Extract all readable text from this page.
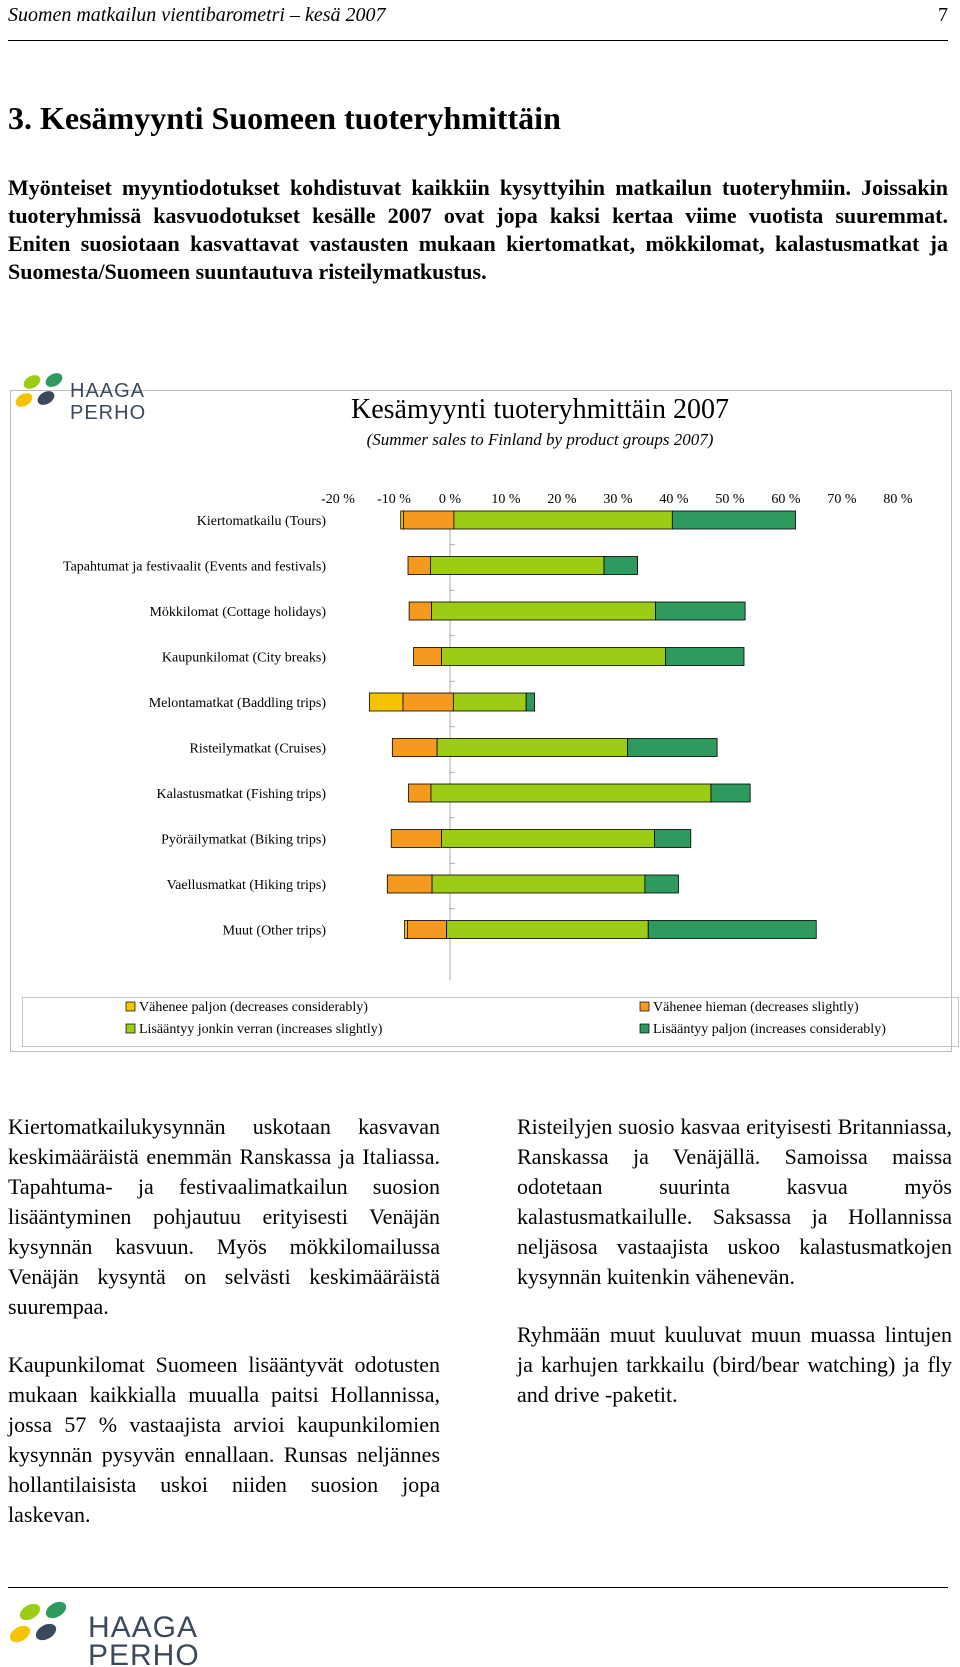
Suomen matkailun vientibarometri – kesä 2007	7
3. Kesämyynti Suomeen tuoteryhmittäin

Myönteiset myyntiodotukset kohdistuvat kaikkiin kysyttyihin matkailun tuoteryhmiin. Joissakin tuoteryhmissä kasvuodotukset kesälle 2007 ovat jopa kaksi kertaa viime vuotista suuremmat. Eniten suosiotaan kasvattavat vastausten mukaan kiertomatkat, mökkilomat, kalastusmatkat ja Suomesta/Suomeen suuntautuva risteilymatkustus.

HAAGA
PERHO	Kesämyynti tuoteryhmittäin 2007
(Summer sales to Finland by product groups 2007)
-20 % -10 % 0 % 10 % 20 % 30 % 40 % 50 % 60 % 70 % 80 %
Kiertomatkailu (Tours)
Tapahtumat ja festivaalit (Events and festivals)
Mökkilomat (Cottage holidays)
Kaupunkilomat (City breaks)
Melontamatkat (Baddling trips)
Risteilymatkat (Cruises)
Kalastusmatkat (Fishing trips)
Pyöräilymatkat (Biking trips)
Vaellusmatkat (Hiking trips)
Muut (Other trips)
Vähenee paljon (decreases considerably)	Vähenee hieman (decreases slightly)
Lisääntyy jonkin verran (increases slightly)	Lisääntyy paljon (increases considerably)

Kiertomatkailukysynnän uskotaan kasvavan keskimääräistä enemmän Ranskassa ja Italiassa. Tapahtuma- ja festivaalimatkailun suosion lisääntyminen pohjautuu erityisesti Venäjän kysynnän kasvuun. Myös mökkilomailussa Venäjän kysyntä on selvästi keskimääräistä suurempaa.

Kaupunkilomat Suomeen lisääntyvät odotusten mukaan kaikkialla muualla paitsi Hollannissa, jossa 57 % vastaajista arvioi kaupunkilomien kysynnän pysyvän ennallaan. Runsas neljännes hollantilaisista uskoi niiden suosion jopa laskevan.

Risteilyjen suosio kasvaa erityisesti Britanniassa, Ranskassa ja Venäjällä. Samoissa maissa odotetaan suurinta kasvua myös kalastusmatkailulle. Saksassa ja Hollannissa neljäsosa vastaajista uskoo kalastusmatkojen kysynnän kuitenkin vähenevän.

Ryhmään muut kuuluvat muun muassa lintujen ja karhujen tarkkailu (bird/bear watching) ja fly and drive -paketit.

HAAGA
PERHO
